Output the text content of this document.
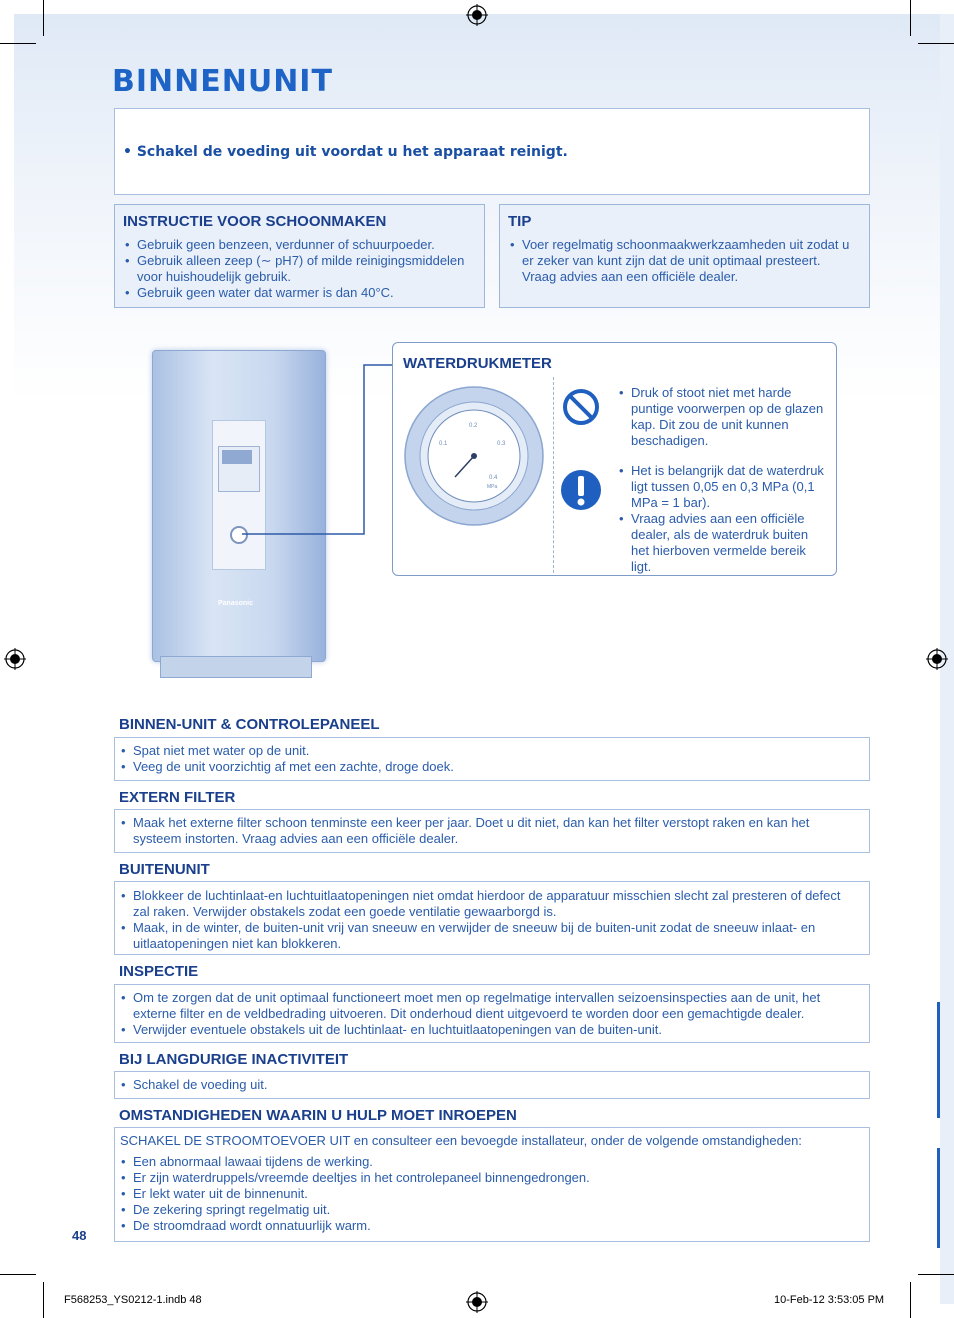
BINNENUNIT
• Schakel de voeding uit voordat u het apparaat reinigt.
INSTRUCTIE VOOR SCHOONMAKEN
• Gebruik geen benzeen, verdunner of schuurpoeder.
• Gebruik alleen zeep (∼ pH7) of milde reinigingsmiddelen voor huishoudelijk gebruik.
• Gebruik geen water dat warmer is dan 40°C.
TIP
• Voer regelmatig schoonmaakwerkzaamheden uit zodat u er zeker van kunt zijn dat de unit optimaal presteert. Vraag advies aan een officiële dealer.
Panasonic
WATERDRUKMETER
0.1
0.2
0.3
0.4
MPa
• Druk of stoot niet met harde puntige voorwerpen op de glazen kap. Dit zou de unit kunnen beschadigen.
• Het is belangrijk dat de waterdruk ligt tussen 0,05 en 0,3 MPa (0,1 MPa = 1 bar).
• Vraag advies aan een officiële dealer, als de waterdruk buiten het hierboven vermelde bereik ligt.
BINNEN-UNIT & CONTROLEPANEEL
• Spat niet met water op de unit.
• Veeg de unit voorzichtig af met een zachte, droge doek.
EXTERN FILTER
• Maak het externe filter schoon tenminste een keer per jaar. Doet u dit niet, dan kan het filter verstopt raken en kan het systeem instorten. Vraag advies aan een officiële dealer.
BUITENUNIT
• Blokkeer de luchtinlaat-en luchtuitlaatopeningen niet omdat hierdoor de apparatuur misschien slecht zal presteren of defect zal raken. Verwijder obstakels zodat een goede ventilatie gewaarborgd is.
• Maak, in de winter, de buiten-unit vrij van sneeuw en verwijder de sneeuw bij de buiten-unit zodat de sneeuw inlaat- en uitlaatopeningen niet kan blokkeren.
INSPECTIE
• Om te zorgen dat de unit optimaal functioneert moet men op regelmatige intervallen seizoensinspecties aan de unit, het externe filter en de veldbedrading uitvoeren. Dit onderhoud dient uitgevoerd te worden door een gemachtigde dealer.
• Verwijder eventuele obstakels uit de luchtinlaat- en luchtuitlaatopeningen van de buiten-unit.
BIJ LANGDURIGE INACTIVITEIT
• Schakel de voeding uit.
OMSTANDIGHEDEN WAARIN U HULP MOET INROEPEN
SCHAKEL DE STROOMTOEVOER UIT en consulteer een bevoegde installateur, onder de volgende omstandigheden:
• Een abnormaal lawaai tijdens de werking.
• Er zijn waterdruppels/vreemde deeltjes in het controlepaneel binnengedrongen.
• Er lekt water uit de binnenunit.
• De zekering springt regelmatig uit.
• De stroomdraad wordt onnatuurlijk warm.
48
F568253_YS0212-1.indb 48	10-Feb-12 3:53:05 PM
